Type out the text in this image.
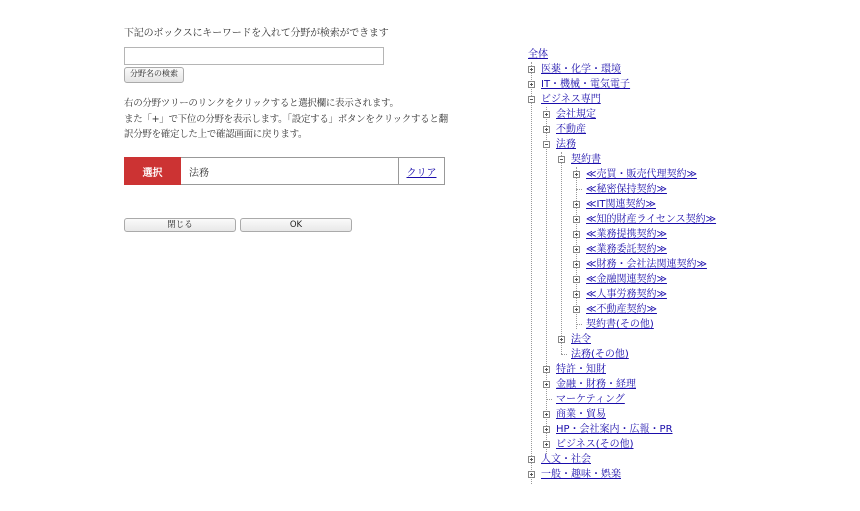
下記のボックスにキーワードを入れて分野が検索ができます
分野名の検索
右の分野ツリーのリンクをクリックすると選択欄に表示されます。
また「+」で下位の分野を表示します。「設定する」ボタンをクリックすると翻
訳分野を確定した上で確認画面に戻ります。
選択	法務	クリア
閉じる	OK
全体
医薬・化学・環境
IT・機械・電気電子
ビジネス専門
会社規定
不動産
法務
契約書
≪売買・販売代理契約≫
≪秘密保持契約≫
≪IT関連契約≫
≪知的財産ライセンス契約≫
≪業務提携契約≫
≪業務委託契約≫
≪財務・会社法関連契約≫
≪金融関連契約≫
≪人事労務契約≫
≪不動産契約≫
契約書(その他)
法令
法務(その他)
特許・知財
金融・財務・経理
マーケティング
商業・貿易
HP・会社案内・広報・PR
ビジネス(その他)
人文・社会
一般・趣味・娯楽
